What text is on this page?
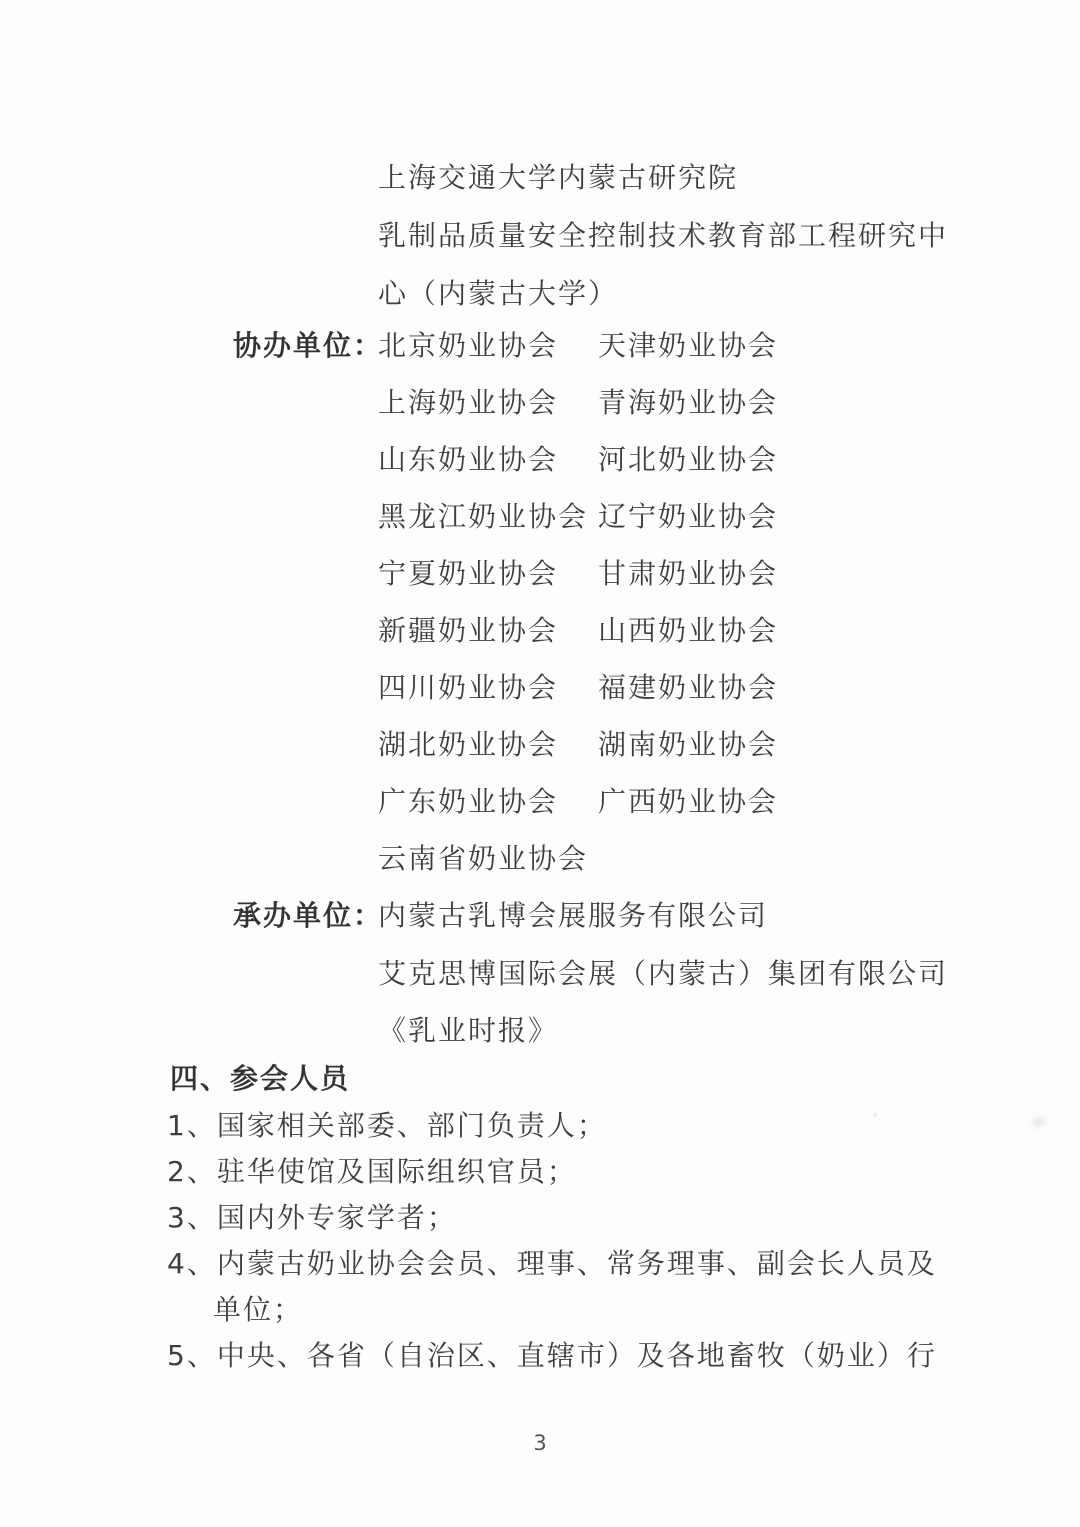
上海交通大学内蒙古研究院
乳制品质量安全控制技术教育部工程研究中
心（内蒙古大学）
协办单位：
北京奶业协会 天津奶业协会
上海奶业协会 青海奶业协会
山东奶业协会 河北奶业协会
黑龙江奶业协会 辽宁奶业协会
宁夏奶业协会 甘肃奶业协会
新疆奶业协会 山西奶业协会
四川奶业协会 福建奶业协会
湖北奶业协会 湖南奶业协会
广东奶业协会 广西奶业协会
云南省奶业协会
承办单位：
内蒙古乳博会展服务有限公司
艾克思博国际会展（内蒙古）集团有限公司
《乳业时报》
四、参会人员
1、国家相关部委、部门负责人；
2、驻华使馆及国际组织官员；
3、国内外专家学者；
4、内蒙古奶业协会会员、理事、常务理事、副会长人员及
单位；
5、中央、各省（自治区、直辖市）及各地畜牧（奶业）行
3
